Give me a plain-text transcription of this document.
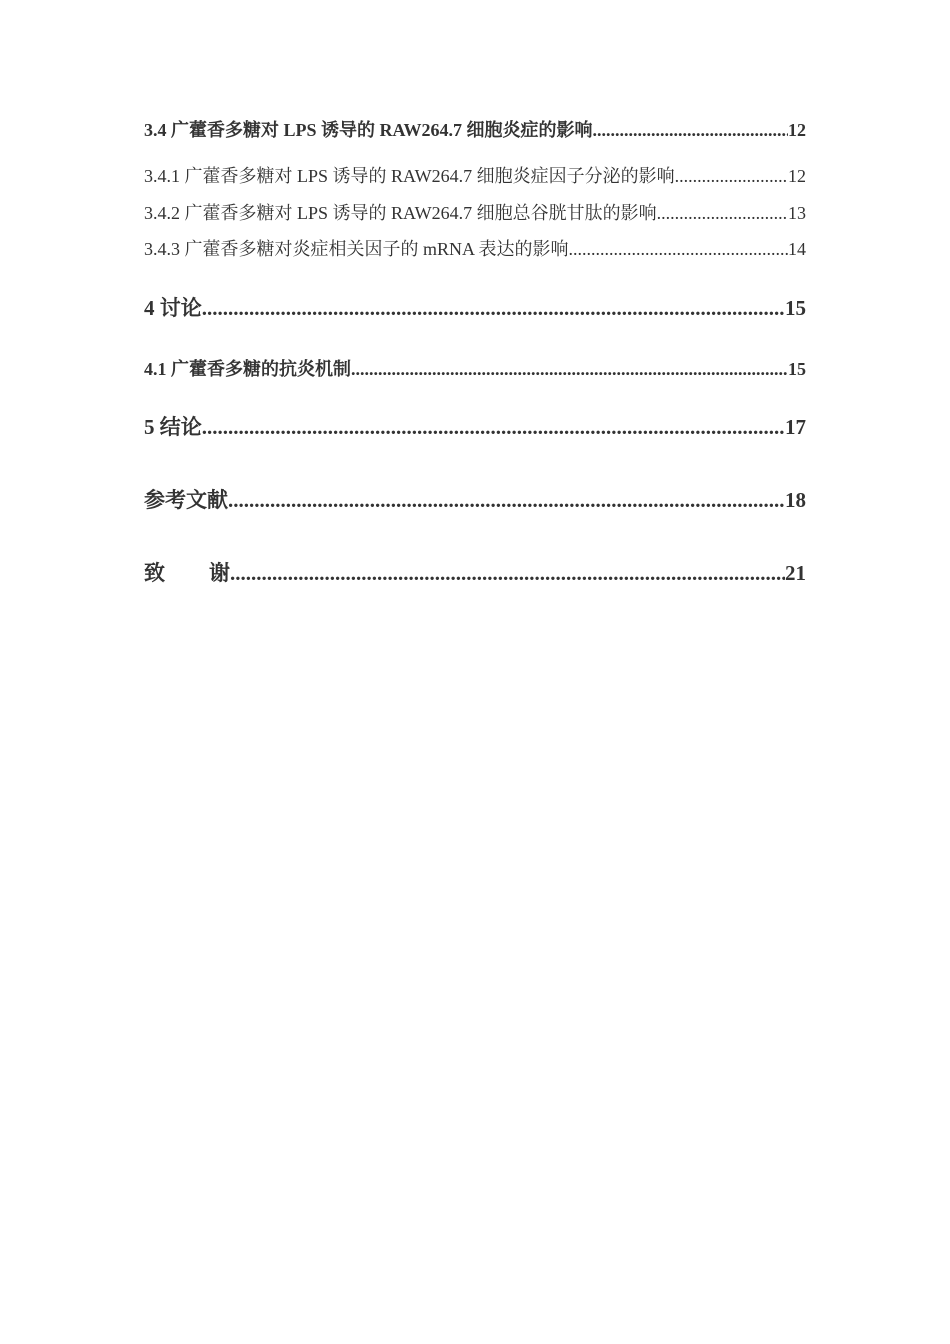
3.4 广藿香多糖对 LPS 诱导的 RAW264.7 细胞炎症的影响 .....	12
3.4.1 广藿香多糖对 LPS 诱导的 RAW264.7 细胞炎症因子分泌的影响 .....	12
3.4.2 广藿香多糖对 LPS 诱导的 RAW264.7 细胞总谷胱甘肽的影响 .....	13
3.4.3 广藿香多糖对炎症相关因子的 mRNA 表达的影响 .....	14
4 讨论 .....	15
4.1 广藿香多糖的抗炎机制 .....	15
5 结论 .....	17
参考文献 .....	18
致 谢 .....	21
